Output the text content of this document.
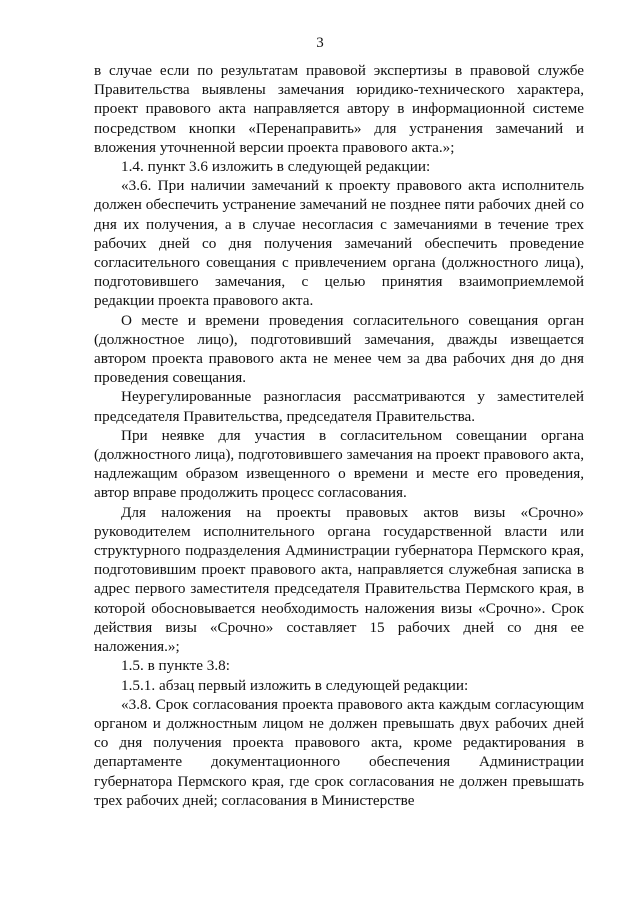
3

в случае если по результатам правовой экспертизы в правовой службе Правительства выявлены замечания юридико-технического характера, проект правового акта направляется автору в информационной системе посредством кнопки «Перенаправить» для устранения замечаний и вложения уточненной версии проекта правового акта.»;

1.4. пункт 3.6 изложить в следующей редакции:

«3.6. При наличии замечаний к проекту правового акта исполнитель должен обеспечить устранение замечаний не позднее пяти рабочих дней со дня их получения, а в случае несогласия с замечаниями в течение трех рабочих дней со дня получения замечаний обеспечить проведение согласительного совещания с привлечением органа (должностного лица), подготовившего замечания, с целью принятия взаимоприемлемой редакции проекта правового акта.

О месте и времени проведения согласительного совещания орган (должностное лицо), подготовивший замечания, дважды извещается автором проекта правового акта не менее чем за два рабочих дня до дня проведения совещания.

Неурегулированные разногласия рассматриваются у заместителей председателя Правительства, председателя Правительства.

При неявке для участия в согласительном совещании органа (должностного лица), подготовившего замечания на проект правового акта, надлежащим образом извещенного о времени и месте его проведения, автор вправе продолжить процесс согласования.

Для наложения на проекты правовых актов визы «Срочно» руководителем исполнительного органа государственной власти или структурного подразделения Администрации губернатора Пермского края, подготовившим проект правового акта, направляется служебная записка в адрес первого заместителя председателя Правительства Пермского края, в которой обосновывается необходимость наложения визы «Срочно». Срок действия визы «Срочно» составляет 15 рабочих дней со дня ее наложения.»;

1.5. в пункте 3.8:

1.5.1. абзац первый изложить в следующей редакции:

«3.8. Срок согласования проекта правового акта каждым согласующим органом и должностным лицом не должен превышать двух рабочих дней со дня получения проекта правового акта, кроме редактирования в департаменте документационного обеспечения Администрации губернатора Пермского края, где срок согласования не должен превышать трех рабочих дней; согласования в Министерстве
